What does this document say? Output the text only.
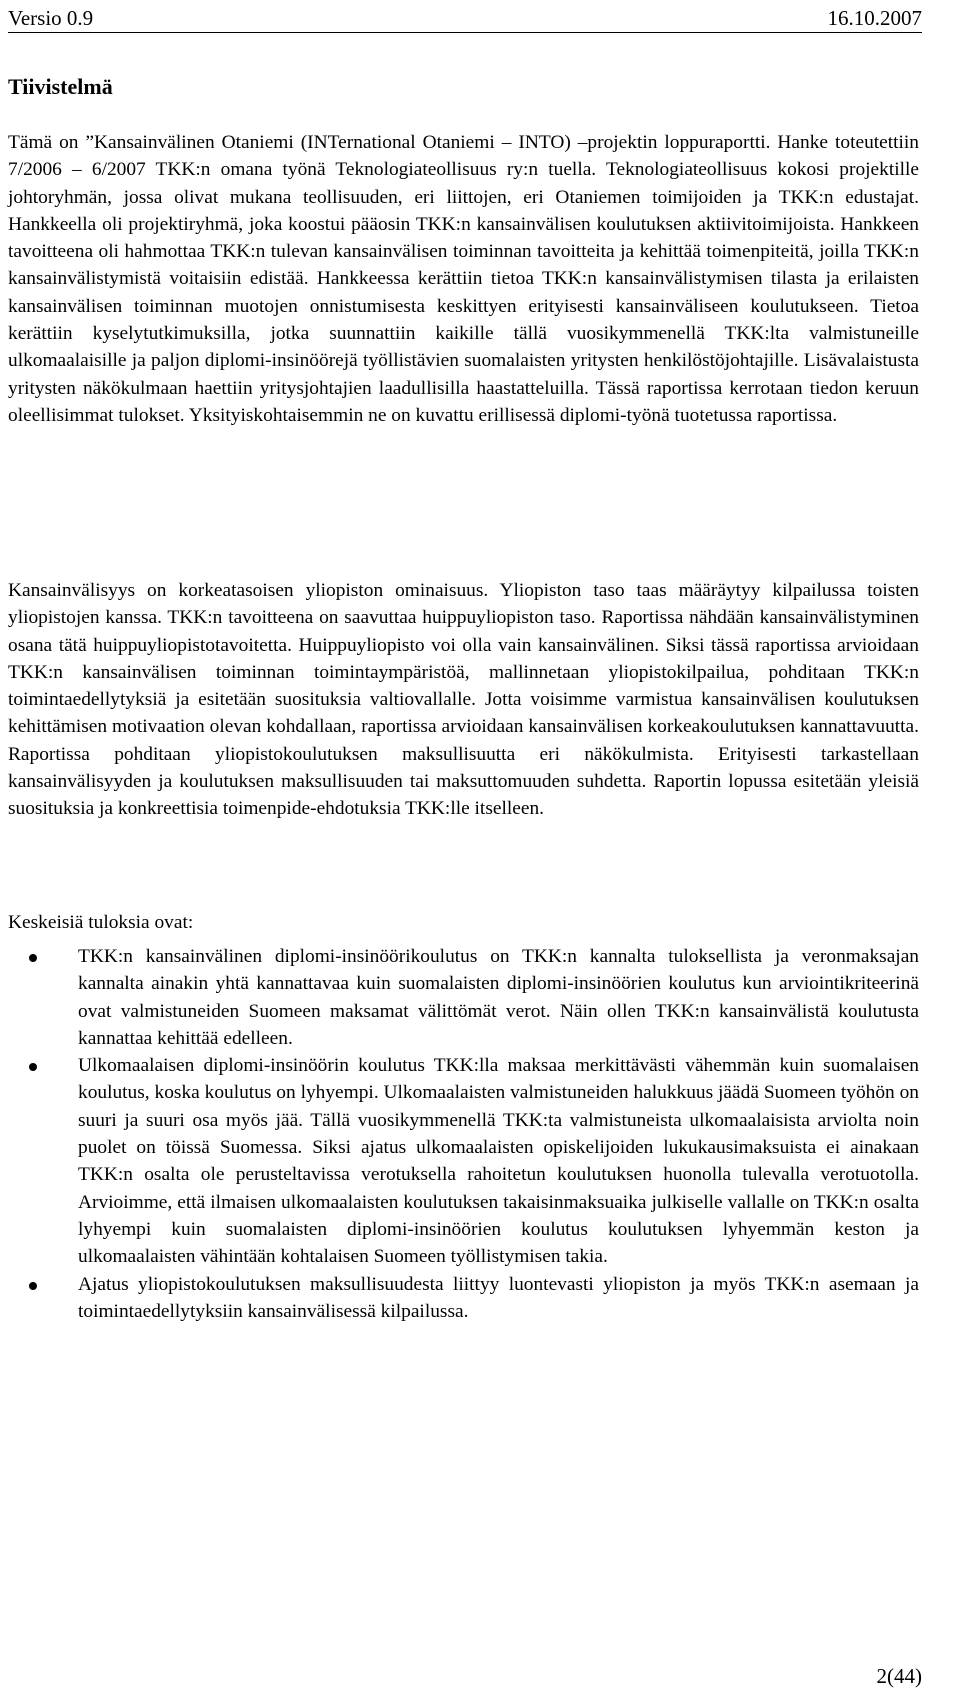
Versio 0.9	16.10.2007
Tiivistelmä

Tämä on ”Kansainvälinen Otaniemi (INTernational Otaniemi – INTO) –projektin loppuraportti. Hanke toteutettiin 7/2006 – 6/2007 TKK:n omana työnä Teknologiateollisuus ry:n tuella. Teknologiateollisuus kokosi projektille johtoryhmän, jossa olivat mukana teollisuuden, eri liittojen, eri Otaniemen toimijoiden ja TKK:n edustajat. Hankkeella oli projektiryhmä, joka koostui pääosin TKK:n kansainvälisen koulutuksen aktiivitoimijoista. Hankkeen tavoitteena oli hahmottaa TKK:n tulevan kansainvälisen toiminnan tavoitteita ja kehittää toimenpiteitä, joilla TKK:n kansainvälistymistä voitaisiin edistää. Hankkeessa kerättiin tietoa TKK:n kansainvälistymisen tilasta ja erilaisten kansainvälisen toiminnan muotojen onnistumisesta keskittyen erityisesti kansainväliseen koulutukseen. Tietoa kerättiin kyselytutkimuksilla, jotka suunnattiin kaikille tällä vuosikymmenellä TKK:lta valmistuneille ulkomaalaisille ja paljon diplomi-insinöörejä työllistävien suomalaisten yritysten henkilöstöjohtajille. Lisävalaistusta yritysten näkökulmaan haettiin yritysjohtajien laadullisilla haastatteluilla. Tässä raportissa kerrotaan tiedon keruun oleellisimmat tulokset. Yksityiskohtaisemmin ne on kuvattu erillisessä diplomi-työnä tuotetussa raportissa.

Kansainvälisyys on korkeatasoisen yliopiston ominaisuus. Yliopiston taso taas määräytyy kilpailussa toisten yliopistojen kanssa. TKK:n tavoitteena on saavuttaa huippuyliopiston taso. Raportissa nähdään kansainvälistyminen osana tätä huippuyliopistotavoitetta. Huippuyliopisto voi olla vain kansainvälinen. Siksi tässä raportissa arvioidaan TKK:n kansainvälisen toiminnan toimintaympäristöä, mallinnetaan yliopistokilpailua, pohditaan TKK:n toimintaedellytyksiä ja esitetään suosituksia valtiovallalle. Jotta voisimme varmistua kansainvälisen koulutuksen kehittämisen motivaation olevan kohdallaan, raportissa arvioidaan kansainvälisen korkeakoulutuksen kannattavuutta. Raportissa pohditaan yliopistokoulutuksen maksullisuutta eri näkökulmista. Erityisesti tarkastellaan kansainvälisyyden ja koulutuksen maksullisuuden tai maksuttomuuden suhdetta. Raportin lopussa esitetään yleisiä suosituksia ja konkreettisia toimenpide-ehdotuksia TKK:lle itselleen.

Keskeisiä tuloksia ovat:

TKK:n kansainvälinen diplomi-insinöörikoulutus on TKK:n kannalta tuloksellista ja veronmaksajan kannalta ainakin yhtä kannattavaa kuin suomalaisten diplomi-insinöörien koulutus kun arviointikriteerinä ovat valmistuneiden Suomeen maksamat välittömät verot. Näin ollen TKK:n kansainvälistä koulutusta kannattaa kehittää edelleen.
Ulkomaalaisen diplomi-insinöörin koulutus TKK:lla maksaa merkittävästi vähemmän kuin suomalaisen koulutus, koska koulutus on lyhyempi. Ulkomaalaisten valmistuneiden halukkuus jäädä Suomeen työhön on suuri ja suuri osa myös jää. Tällä vuosikymmenellä TKK:ta valmistuneista ulkomaalaisista arviolta noin puolet on töissä Suomessa. Siksi ajatus ulkomaalaisten opiskelijoiden lukukausimaksuista ei ainakaan TKK:n osalta ole perusteltavissa verotuksella rahoitetun koulutuksen huonolla tulevalla verotuotolla. Arvioimme, että ilmaisen ulkomaalaisten koulutuksen takaisinmaksuaika julkiselle vallalle on TKK:n osalta lyhyempi kuin suomalaisten diplomi-insinöörien koulutus koulutuksen lyhyemmän keston ja ulkomaalaisten vähintään kohtalaisen Suomeen työllistymisen takia.
Ajatus yliopistokoulutuksen maksullisuudesta liittyy luontevasti yliopiston ja myös TKK:n asemaan ja toimintaedellytyksiin kansainvälisessä kilpailussa.
2(44)
